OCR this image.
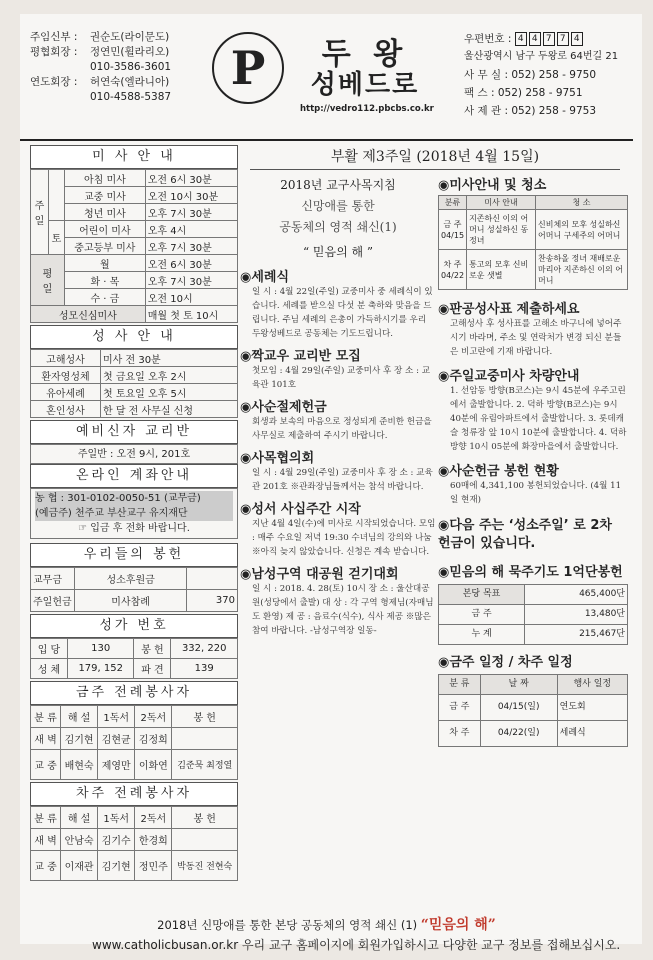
주임신부 :	권순도(라이문도)
평협회장 :	정연민(휠라리오)
010-3586-3601
연도회장 :	허연숙(엘라니아)
010-4588-5387
P	두 왕
성베드로
http://vedro112.pbcbs.co.kr
우편번호 : 4 4 7 7 4
울산광역시 남구 두왕로 64번길 21
사 무 실 : 052) 258 - 9750
팩 스 : 052) 258 - 9751
사 제 관 : 052) 258 - 9753
미 사 안 내
주
일		아침 미사	오전 6시 30분
		교중 미사	오전 10시 30분
		청년 미사	오후 7시 30분
	토	어린이 미사	오후 4시
		중고등부 미사	오후 7시 30분
평
일		월	오전 6시 30분
		화 · 목	오후 7시 30분
		수 · 금	오전 10시
성모신심미사			매월 첫 토 10시
성 사 안 내
고해성사	미사 전 30분
환자영성체	첫 금요일 오후 2시
유아세례	첫 토요일 오후 5시
혼인성사	한 달 전 사무실 신청
예비신자 교리반
주일반 : 오전 9시, 201호
온라인 계좌안내
농 협 : 301-0102-0050-51 (교무금)
(예금주) 천주교 부산교구 유지재단
☞ 입금 후 전화 바랍니다.
우리들의 봉헌
교무금	성소후원금	
주일헌금	미사참례	370
성가 번호
입 당	130	봉 헌	332, 220
성 체	179, 152	파 견	139
금주 전례봉사자
분 류	해 설	1독서	2독서	봉 헌
새 벽	김기현	김현균	김정희	
교 중	배현숙	제영만	이화연	김준묵 최정열
차주 전례봉사자
분 류	해 설	1독서	2독서	봉 헌
새 벽	안남숙	김기수	한경희	
교 중	이재관	김기현	정민주	박동진 전현숙
부활 제3주일 (2018년 4월 15일)
2018년 교구사목지침
신망애를 통한
공동체의 영적 쇄신(1)
“ 믿음의 해 ”
◉세례식
일 시 : 4월 22일(주일) 교중미사 중 세례식이 있습니다. 세례를 받으실 다섯 분 축하와 맞음을 드립니다. 주님 세례의 은총이 가득하시기를 우리 두왕성베드로 공동체는 기도드립니다.
◉짝교우 교리반 모집
첫모임 : 4월 29일(주일) 교중미사 후 장 소 : 교육관 101호
◉사순절제헌금
회생과 보속의 마음으로 정성되게 준비한 헌금을 사무실로 제출하여 주시기 바랍니다.
◉사목협의회
일 시 : 4월 29일(주일) 교중미사 후 장 소 : 교육관 201호 ※관좌장님들께서는 참석 바랍니다.
◉성서 사십주간 시작
지난 4월 4일(수)에 미사로 시작되었습니다. 모임 : 매주 수요일 저녁 19:30 수녀님의 강의와 나눔 ※아직 늦지 않았습니다. 신청은 계속 받습니다.
◉남성구역 대공원 걷기대회
일 시 : 2018. 4. 28(토) 10시 장 소 : 울산대공원(성당에서 출발) 대 상 : 각 구역 형제님(자매님도 환영) 제 공 : 음료수(식수), 식사 제공 ※많은 참여 바랍니다. -남성구역장 일동-
◉미사안내 및 청소
분류	미사 안내	청 소
금 주 04/15	지존하신 이의 어머니 성실하신 동정녀	신비체의 모후 성실하신 어머니 구세주의 어머니
차 주 04/22	통고의 모후 신비로운 샛별	찬송하올 정녀 재배로운 마리아 지존하신 이의 어머니
◉판공성사표 제출하세요
고해성사 후 성사표를 고해소 바구니에 넣어주시기 바라며, 주소 및 연락처가 변경 되신 분들은 비고란에 기재 바랍니다.
◉주일교중미사 차량안내
1. 선암동 방향(B코스)는 9시 45분에 우주고린에서 출발합니다. 2. 덕하 방향(B코스)는 9시 40분에 유림아파트에서 출발합니다. 3. 롯데캐슬 청류장 앞 10시 10분에 출발합니다. 4. 덕하 방향 10시 05분에 화장마을에서 출발합니다.
◉사순헌금 봉헌 현황
60매에 4,341,100 봉헌되었습니다. (4월 11일 현재)
◉다음 주는 ‘성소주일’ 로 2차 헌금이 있습니다.
◉믿음의 해 묵주기도 1억단봉헌
본당 목표	465,400단
금 주	13,480단
누 계	215,467단
◉금주 일정 / 차주 일정
분 류	날 짜	행사 일정
금 주	04/15(일)	연도회
차 주	04/22(일)	세례식
2018년 신망애를 통한 본당 공동체의 영적 쇄신 (1) “믿음의 해”
www.catholicbusan.or.kr 우리 교구 홈페이지에 회원가입하시고 다양한 교구 정보를 접해보십시오.
